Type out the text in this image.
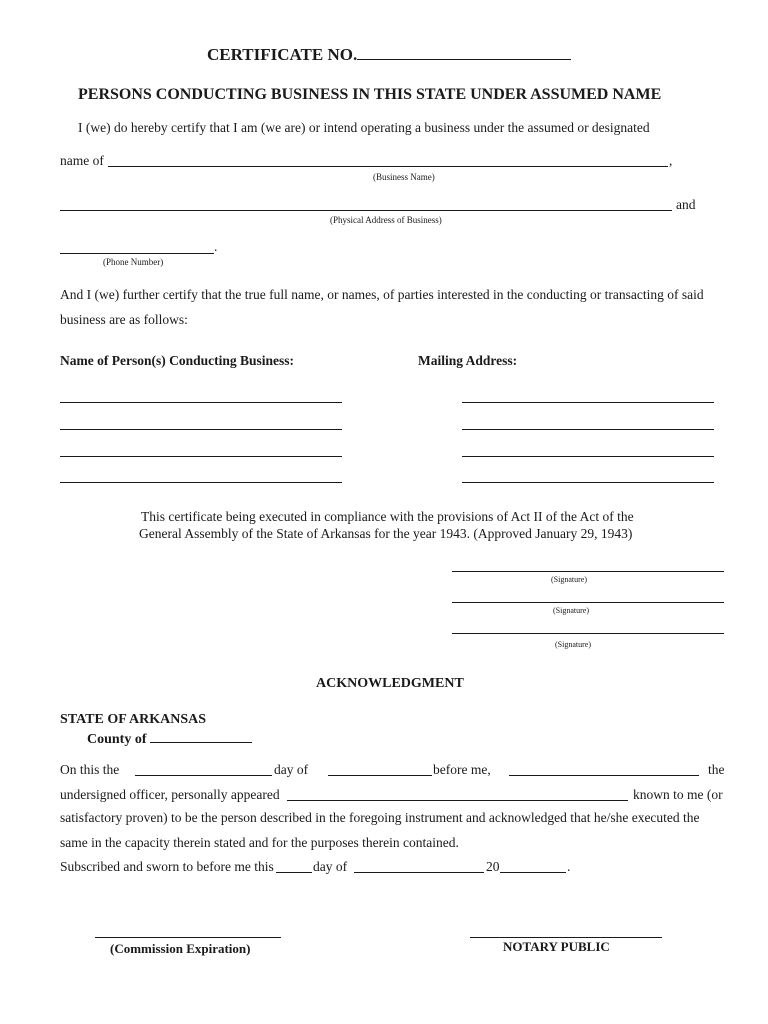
CERTIFICATE NO.
PERSONS CONDUCTING BUSINESS IN THIS STATE UNDER ASSUMED NAME
I (we) do hereby certify that I am (we are) or intend operating a business under the assumed or designated
name of	,
(Business Name)
and
(Physical Address of Business)
.
(Phone Number)
And I (we) further certify that the true full name, or names, of parties interested in the conducting or transacting of said
business are as follows:
Name of Person(s) Conducting Business:	Mailing Address:
This certificate being executed in compliance with the provisions of Act II of the Act of the
General Assembly of the State of Arkansas for the year 1943. (Approved January 29, 1943)
(Signature)
(Signature)
(Signature)
ACKNOWLEDGMENT
STATE OF ARKANSAS
County of
On this the	day of	before me,	the
undersigned officer, personally appeared	known to me (or
satisfactory proven) to be the person described in the foregoing instrument and acknowledged that he/she executed the
same in the capacity therein stated and for the purposes therein contained.
Subscribed and sworn to before me this	day of	20	.
(Commission Expiration)	NOTARY PUBLIC
